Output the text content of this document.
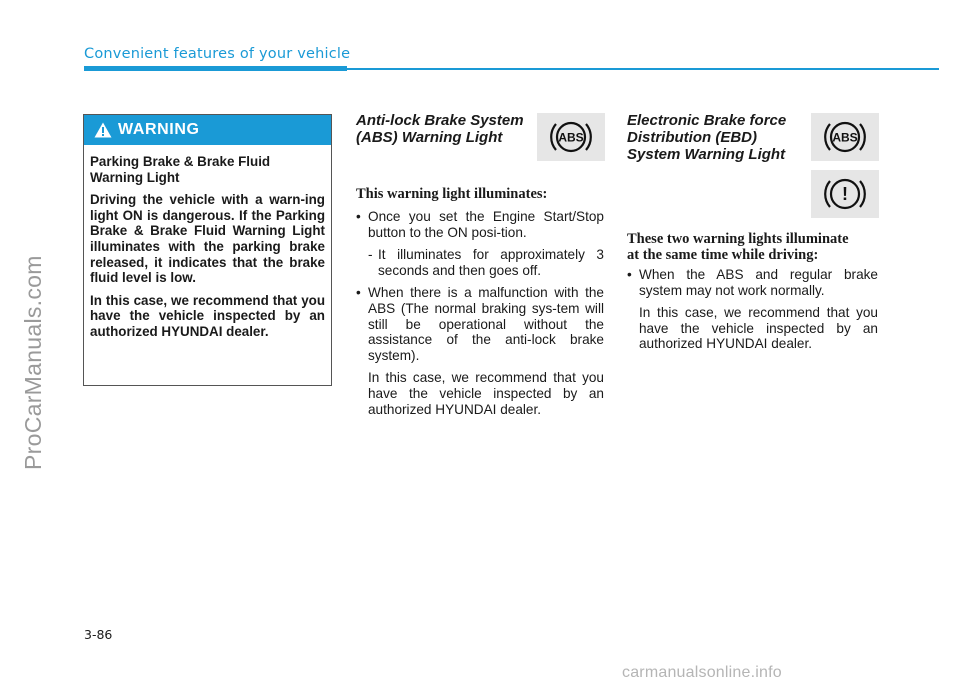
ProCarManuals.com
Convenient features of your vehicle
WARNING

Parking Brake & Brake Fluid Warning Light

Driving the vehicle with a warn-ing light ON is dangerous. If the Parking Brake & Brake Fluid Warning Light illuminates with the parking brake released, it indicates that the brake fluid level is low.

In this case, we recommend that you have the vehicle inspected by an authorized HYUNDAI dealer.

Anti-lock Brake System
(ABS) Warning Light	ABS
This warning light illuminates:
• Once you set the Engine Start/Stop button to the ON posi-tion.
- It illuminates for approximately 3 seconds and then goes off.
• When there is a malfunction with the ABS (The normal braking sys-tem will still be operational without the assistance of the anti-lock brake system).
In this case, we recommend that you have the vehicle inspected by an authorized HYUNDAI dealer.
Electronic Brake force
Distribution (EBD)
System Warning Light
ABS
!
These two warning lights illuminate
at the same time while driving:
• When the ABS and regular brake system may not work normally.
In this case, we recommend that you have the vehicle inspected by an authorized HYUNDAI dealer.
3-86
carmanualsonline.info
